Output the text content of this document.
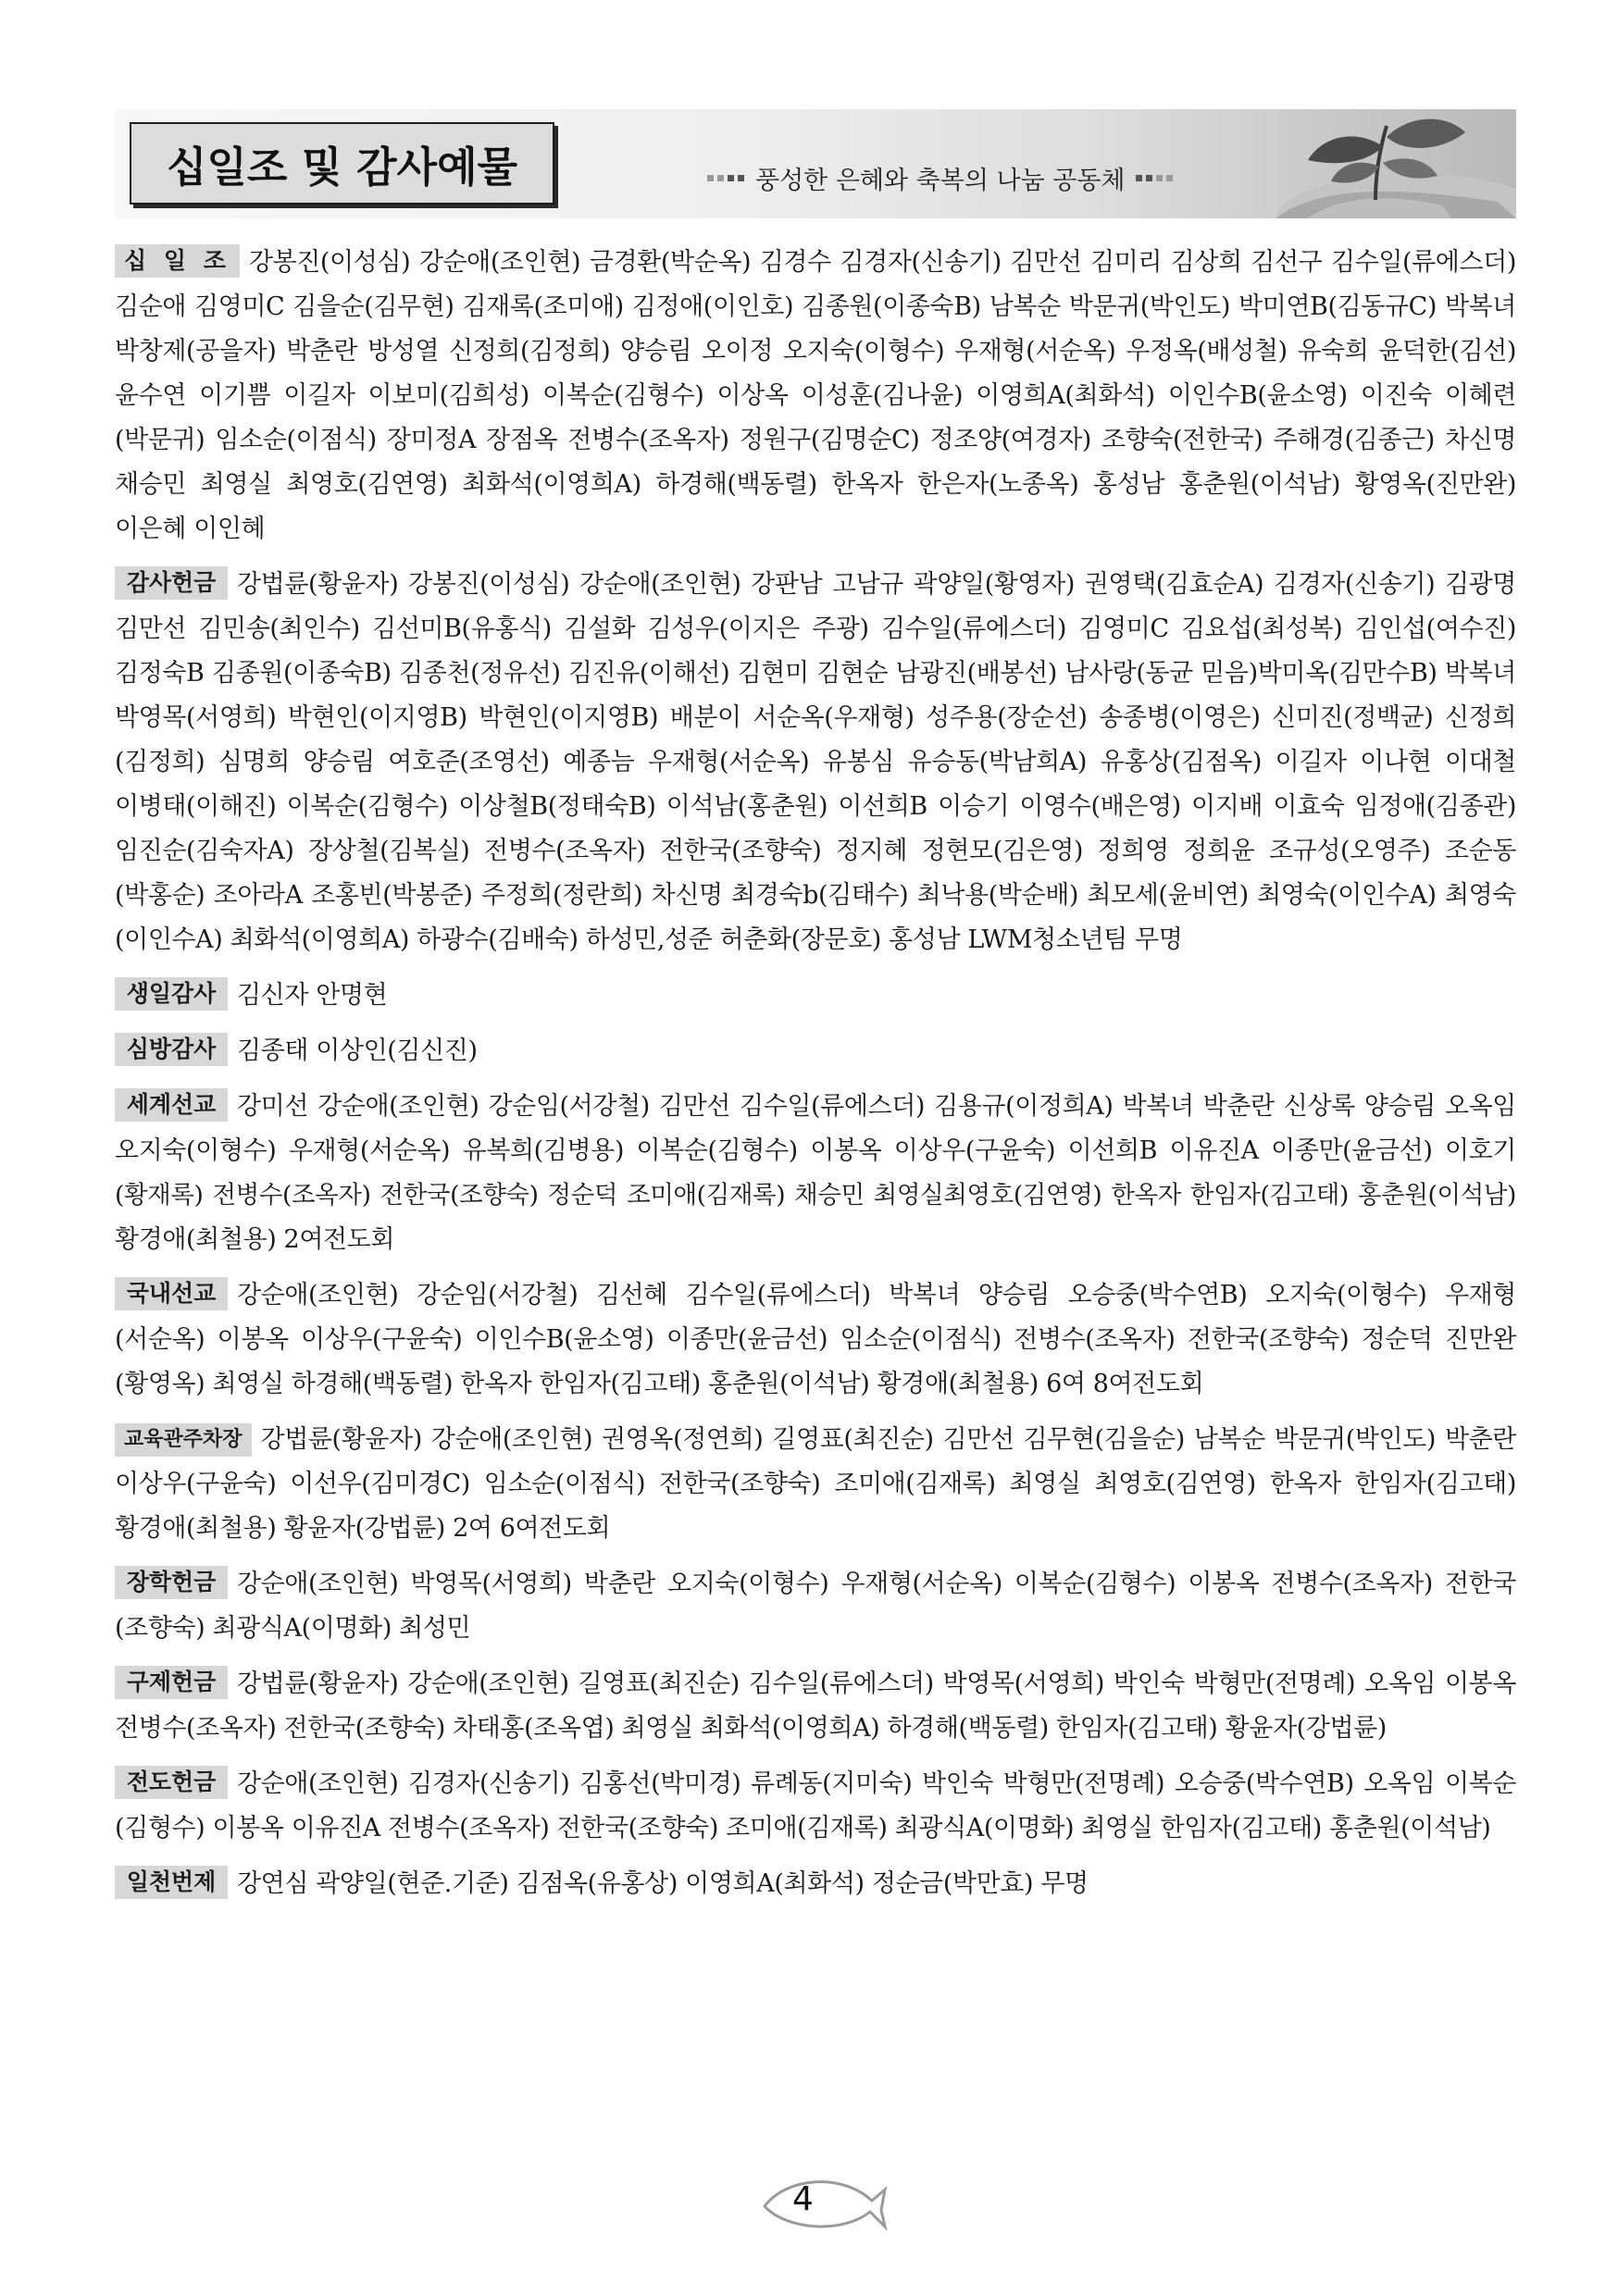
십일조 및 감사예물	풍성한 은혜와 축복의 나눔 공동체
십 일 조 강봉진(이성심) 강순애(조인현) 금경환(박순옥) 김경수 김경자(신송기) 김만선 김미리 김상희 김선구 김수일(류에스더)
김순애 김영미C 김을순(김무현) 김재록(조미애) 김정애(이인호) 김종원(이종숙B) 남복순 박문귀(박인도) 박미연B(김동규C) 박복녀
박창제(공을자) 박춘란 방성열 신정희(김정희) 양승림 오이정 오지숙(이형수) 우재형(서순옥) 우정옥(배성철) 유숙희 윤덕한(김선)
윤수연 이기쁨 이길자 이보미(김희성) 이복순(김형수) 이상옥 이성훈(김나윤) 이영희A(최화석) 이인수B(윤소영) 이진숙 이혜련
(박문귀) 임소순(이점식) 장미정A 장점옥 전병수(조옥자) 정원구(김명순C) 정조양(여경자) 조향숙(전한국) 주해경(김종근) 차신명
채승민 최영실 최영호(김연영) 최화석(이영희A) 하경해(백동렬) 한옥자 한은자(노종옥) 홍성남 홍춘원(이석남) 황영옥(진만완)
이은혜 이인혜
감사헌금 강법륜(황윤자) 강봉진(이성심) 강순애(조인현) 강판남 고남규 곽양일(황영자) 권영택(김효순A) 김경자(신송기) 김광명
김만선 김민송(최인수) 김선미B(유홍식) 김설화 김성우(이지은 주광) 김수일(류에스더) 김영미C 김요섭(최성복) 김인섭(여수진)
김정숙B 김종원(이종숙B) 김종천(정유선) 김진유(이해선) 김현미 김현순 남광진(배봉선) 남사랑(동균 믿음)박미옥(김만수B) 박복녀
박영목(서영희) 박현인(이지영B) 박현인(이지영B) 배분이 서순옥(우재형) 성주용(장순선) 송종병(이영은) 신미진(정백균) 신정희
(김정희) 심명희 양승림 여호준(조영선) 예종늠 우재형(서순옥) 유봉심 유승동(박남희A) 유홍상(김점옥) 이길자 이나현 이대철
이병태(이해진) 이복순(김형수) 이상철B(정태숙B) 이석남(홍춘원) 이선희B 이승기 이영수(배은영) 이지배 이효숙 임정애(김종관)
임진순(김숙자A) 장상철(김복실) 전병수(조옥자) 전한국(조향숙) 정지혜 정현모(김은영) 정희영 정희윤 조규성(오영주) 조순동
(박홍순) 조아라A 조홍빈(박봉준) 주정희(정란희) 차신명 최경숙b(김태수) 최낙용(박순배) 최모세(윤비연) 최영숙(이인수A) 최영숙
(이인수A) 최화석(이영희A) 하광수(김배숙) 하성민,성준 허춘화(장문호) 홍성남 LWM청소년팀 무명
생일감사 김신자 안명현
심방감사 김종태 이상인(김신진)
세계선교 강미선 강순애(조인현) 강순임(서강철) 김만선 김수일(류에스더) 김용규(이정희A) 박복녀 박춘란 신상록 양승림 오옥임
오지숙(이형수) 우재형(서순옥) 유복희(김병용) 이복순(김형수) 이봉옥 이상우(구윤숙) 이선희B 이유진A 이종만(윤금선) 이호기
(황재록) 전병수(조옥자) 전한국(조향숙) 정순덕 조미애(김재록) 채승민 최영실최영호(김연영) 한옥자 한임자(김고태) 홍춘원(이석남)
황경애(최철용) 2여전도회
국내선교 강순애(조인현) 강순임(서강철) 김선혜 김수일(류에스더) 박복녀 양승림 오승중(박수연B) 오지숙(이형수) 우재형
(서순옥) 이봉옥 이상우(구윤숙) 이인수B(윤소영) 이종만(윤금선) 임소순(이점식) 전병수(조옥자) 전한국(조향숙) 정순덕 진만완
(황영옥) 최영실 하경해(백동렬) 한옥자 한임자(김고태) 홍춘원(이석남) 황경애(최철용) 6여 8여전도회
교육관주차장 강법륜(황윤자) 강순애(조인현) 권영옥(정연희) 길영표(최진순) 김만선 김무현(김을순) 남복순 박문귀(박인도) 박춘란
이상우(구윤숙) 이선우(김미경C) 임소순(이점식) 전한국(조향숙) 조미애(김재록) 최영실 최영호(김연영) 한옥자 한임자(김고태)
황경애(최철용) 황윤자(강법륜) 2여 6여전도회
장학헌금 강순애(조인현) 박영목(서영희) 박춘란 오지숙(이형수) 우재형(서순옥) 이복순(김형수) 이봉옥 전병수(조옥자) 전한국
(조향숙) 최광식A(이명화) 최성민
구제헌금 강법륜(황윤자) 강순애(조인현) 길영표(최진순) 김수일(류에스더) 박영목(서영희) 박인숙 박형만(전명례) 오옥임 이봉옥
전병수(조옥자) 전한국(조향숙) 차태홍(조옥엽) 최영실 최화석(이영희A) 하경해(백동렬) 한임자(김고태) 황윤자(강법륜)
전도헌금 강순애(조인현) 김경자(신송기) 김홍선(박미경) 류례동(지미숙) 박인숙 박형만(전명례) 오승중(박수연B) 오옥임 이복순
(김형수) 이봉옥 이유진A 전병수(조옥자) 전한국(조향숙) 조미애(김재록) 최광식A(이명화) 최영실 한임자(김고태) 홍춘원(이석남)
일천번제 강연심 곽양일(현준.기준) 김점옥(유홍상) 이영희A(최화석) 정순금(박만효) 무명
4
